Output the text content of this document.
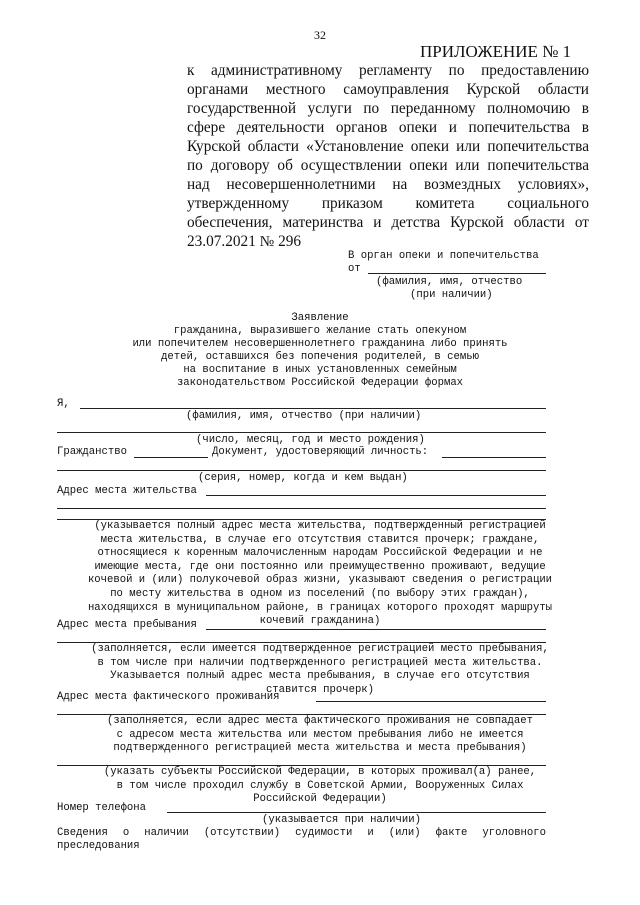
32
ПРИЛОЖЕНИЕ № 1
к административному регламенту по предоставлению
органами местного самоуправления Курской области
государственной услуги по переданному полномочию в
сфере деятельности органов опеки и попечительства в
Курской области «Установление опеки или попечительства
по договору об осуществлении опеки или попечительства
над несовершеннолетними на возмездных условиях»,
утвержденному приказом комитета социального
обеспечения, материнства и детства Курской области от
23.07.2021 № 296
В орган опеки и попечительства
от
(фамилия, имя, отчество
(при наличии)
Заявление
гражданина, выразившего желание стать опекуном
или попечителем несовершеннолетнего гражданина либо принять
детей, оставшихся без попечения родителей, в семью
на воспитание в иных установленных семейным
законодательством Российской Федерации формах
Я,
(фамилия, имя, отчество (при наличии)
(число, месяц, год и место рождения)
Гражданство	Документ, удостоверяющий личность:
(серия, номер, когда и кем выдан)
Адрес места жительства
(указывается полный адрес места жительства, подтвержденный регистрацией
места жительства, в случае его отсутствия ставится прочерк; граждане,
относящиеся к коренным малочисленным народам Российской Федерации и не
имеющие места, где они постоянно или преимущественно проживают, ведущие
кочевой и (или) полукочевой образ жизни, указывают сведения о регистрации
по месту жительства в одном из поселений (по выбору этих граждан),
находящихся в муниципальном районе, в границах которого проходят маршруты
кочевий гражданина)
Адрес места пребывания
(заполняется, если имеется подтвержденное регистрацией место пребывания,
в том числе при наличии подтвержденного регистрацией места жительства.
Указывается полный адрес места пребывания, в случае его отсутствия
ставится прочерк)
Адрес места фактического проживания
(заполняется, если адрес места фактического проживания не совпадает
с адресом места жительства или местом пребывания либо не имеется
подтвержденного регистрацией места жительства и места пребывания)
(указать субъекты Российской Федерации, в которых проживал(а) ранее,
в том числе проходил службу в Советской Армии, Вооруженных Силах
Российской Федерации)
Номер телефона
(указывается при наличии)
Сведения о наличии (отсутствии) судимости и (или) факте уголовного
преследования
